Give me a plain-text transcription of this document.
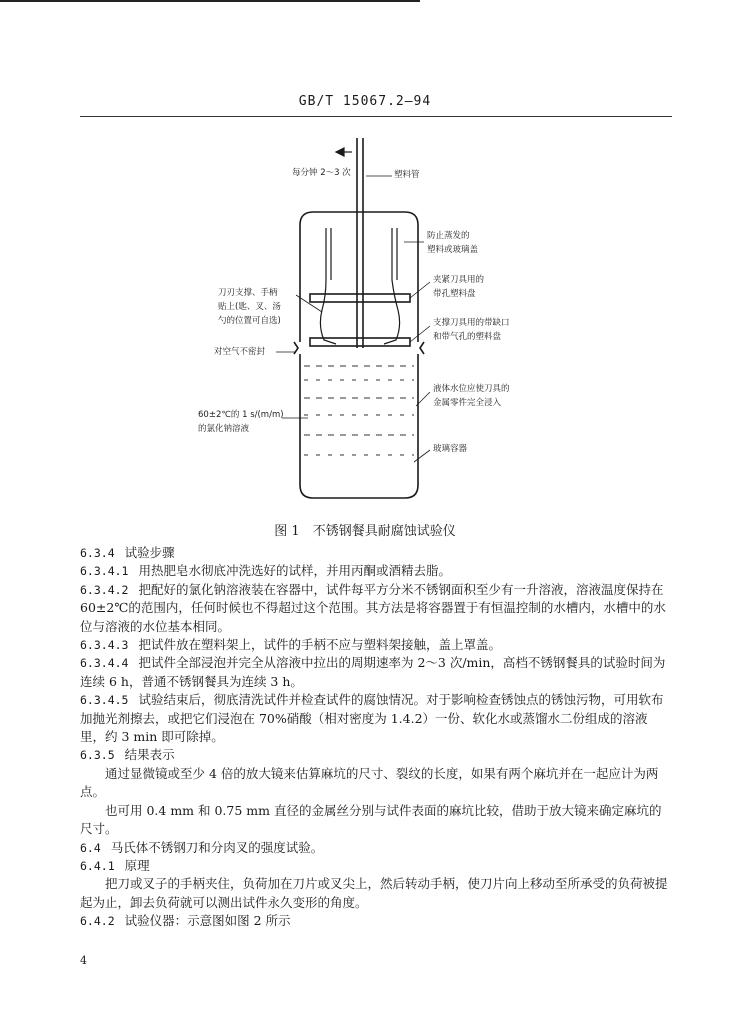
GB/T 15067.2—94
每分钟 2～3 次	塑料管
防止蒸发的
塑料或玻璃盖
夹紧刀具用的
带孔塑料盘
支撑刀具用的带缺口
和带气孔的塑料盘
刀刃支撑、手柄
贴上(匙、叉、汤
勺的位置可自选)
对空气不密封
液体水位应使刀具的
金属零件完全浸入
60±2℃的 1 s/(m/m)
的氯化钠溶液
玻璃容器
图 1　不锈钢餐具耐腐蚀试验仪

6.3.4 试验步骤

6.3.4.1 用热肥皂水彻底冲洗选好的试样，并用丙酮或酒精去脂。

6.3.4.2 把配好的氯化钠溶液装在容器中，试件每平方分米不锈钢面积至少有一升溶液，溶液温度保持在 60±2℃的范围内，任何时候也不得超过这个范围。其方法是将容器置于有恒温控制的水槽内，水槽中的水位与溶液的水位基本相同。

6.3.4.3 把试件放在塑料架上，试件的手柄不应与塑料架接触，盖上罩盖。

6.3.4.4 把试件全部浸泡并完全从溶液中拉出的周期速率为 2～3 次/min，高档不锈钢餐具的试验时间为连续 6 h，普通不锈钢餐具为连续 3 h。

6.3.4.5 试验结束后，彻底清洗试件并检查试件的腐蚀情况。对于影响检查锈蚀点的锈蚀污物，可用软布加抛光剂擦去，或把它们浸泡在 70%硝酸（相对密度为 1.4.2）一份、软化水或蒸馏水二份组成的溶液里，约 3 min 即可除掉。

6.3.5 结果表示

通过显微镜或至少 4 倍的放大镜来估算麻坑的尺寸、裂纹的长度，如果有两个麻坑并在一起应计为两点。

也可用 0.4 mm 和 0.75 mm 直径的金属丝分别与试件表面的麻坑比较，借助于放大镜来确定麻坑的尺寸。

6.4 马氏体不锈钢刀和分肉叉的强度试验。

6.4.1 原理

把刀或叉子的手柄夹住，负荷加在刀片或叉尖上，然后转动手柄，使刀片向上移动至所承受的负荷被提起为止，卸去负荷就可以测出试件永久变形的角度。

6.4.2 试验仪器：示意图如图 2 所示

4
